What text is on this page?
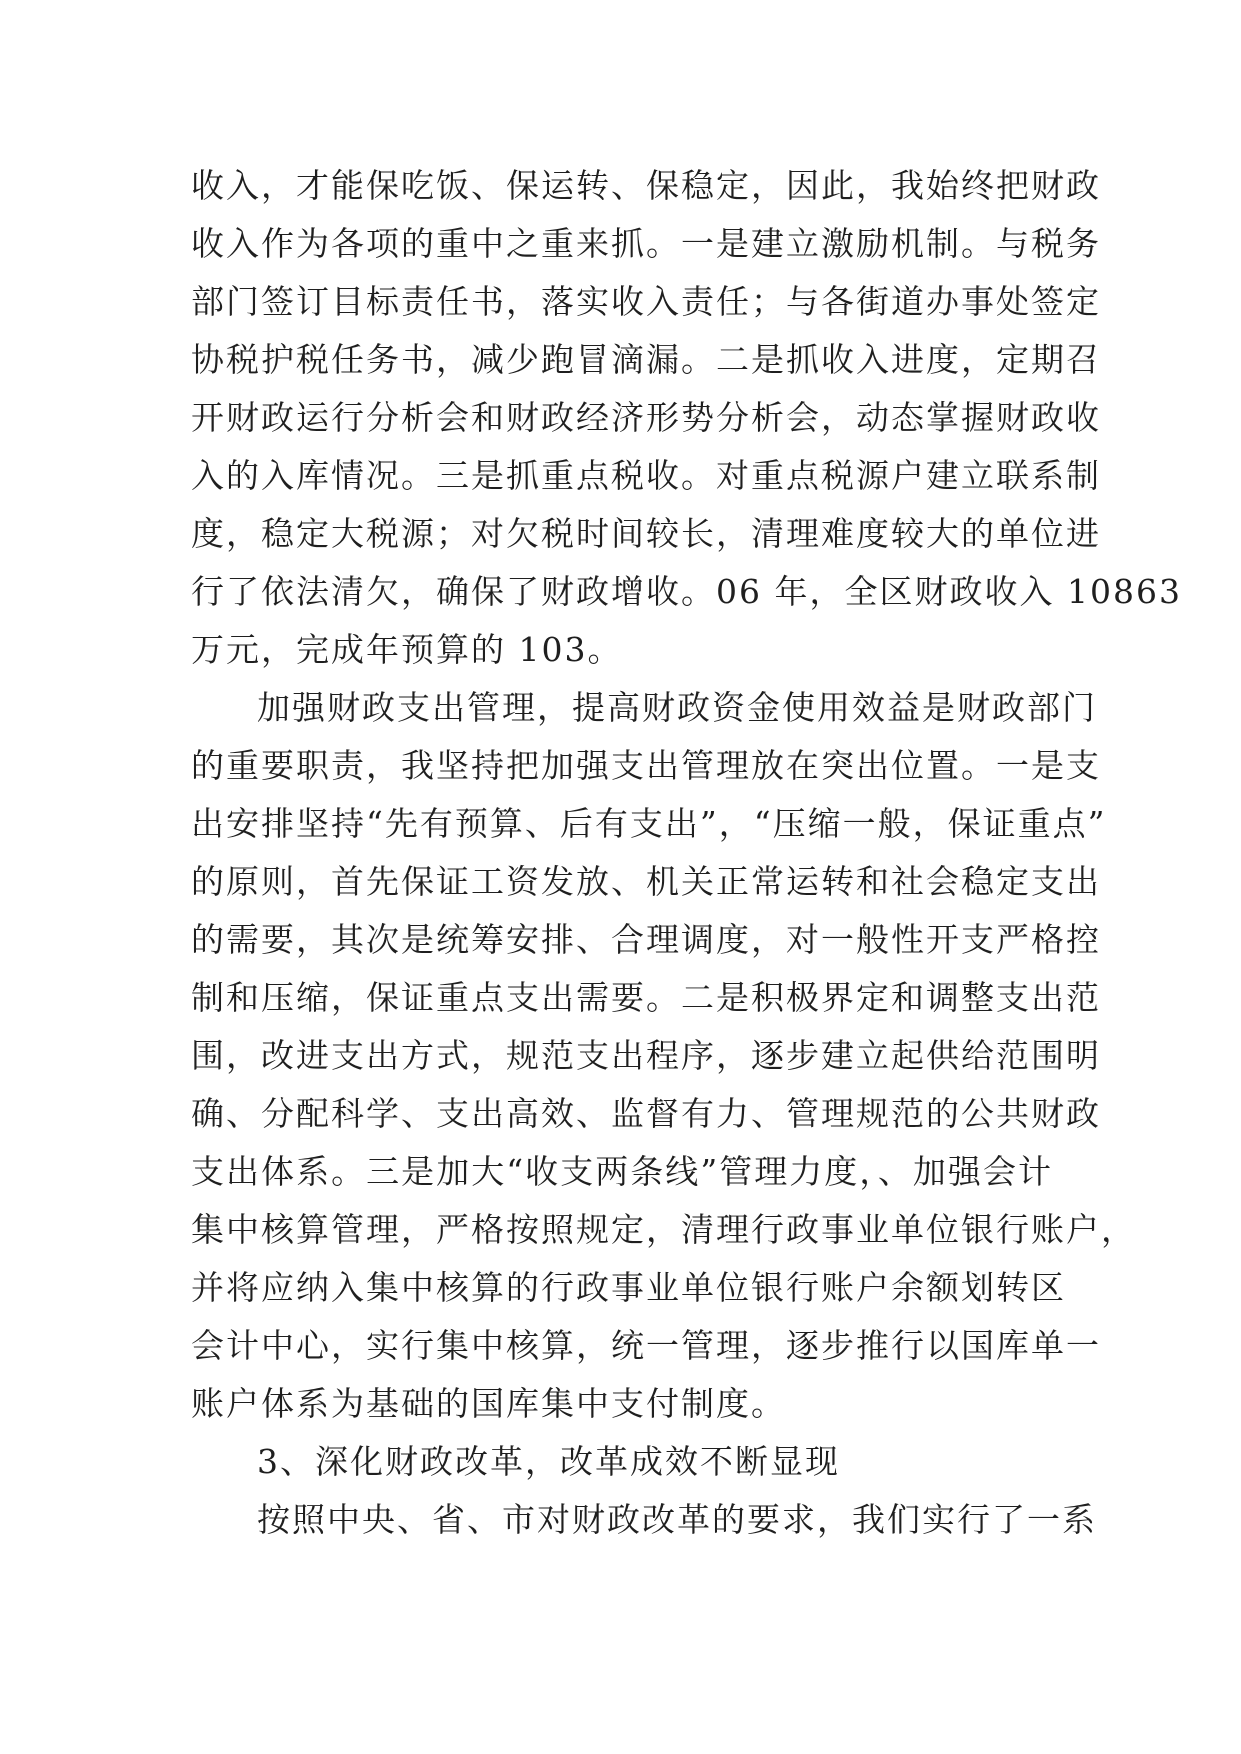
收入，才能保吃饭、保运转、保稳定，因此，我始终把财政
收入作为各项的重中之重来抓。一是建立激励机制。与税务
部门签订目标责任书，落实收入责任；与各街道办事处签定
协税护税任务书，减少跑冒滴漏。二是抓收入进度，定期召
开财政运行分析会和财政经济形势分析会，动态掌握财政收
入的入库情况。三是抓重点税收。对重点税源户建立联系制
度，稳定大税源；对欠税时间较长，清理难度较大的单位进
行了依法清欠，确保了财政增收。06 年，全区财政收入 10863
万元，完成年预算的 103。
加强财政支出管理，提高财政资金使用效益是财政部门
的重要职责，我坚持把加强支出管理放在突出位置。一是支
出安排坚持“先有预算、后有支出”，“压缩一般，保证重点”
的原则，首先保证工资发放、机关正常运转和社会稳定支出
的需要，其次是统筹安排、合理调度，对一般性开支严格控
制和压缩，保证重点支出需要。二是积极界定和调整支出范
围，改进支出方式，规范支出程序，逐步建立起供给范围明
确、分配科学、支出高效、监督有力、管理规范的公共财政
支出体系。三是加大“收支两条线”管理力度，、加强会计
集中核算管理，严格按照规定，清理行政事业单位银行账户，
并将应纳入集中核算的行政事业单位银行账户余额划转区
会计中心，实行集中核算，统一管理，逐步推行以国库单一
账户体系为基础的国库集中支付制度。
3、深化财政改革，改革成效不断显现
按照中央、省、市对财政改革的要求，我们实行了一系
